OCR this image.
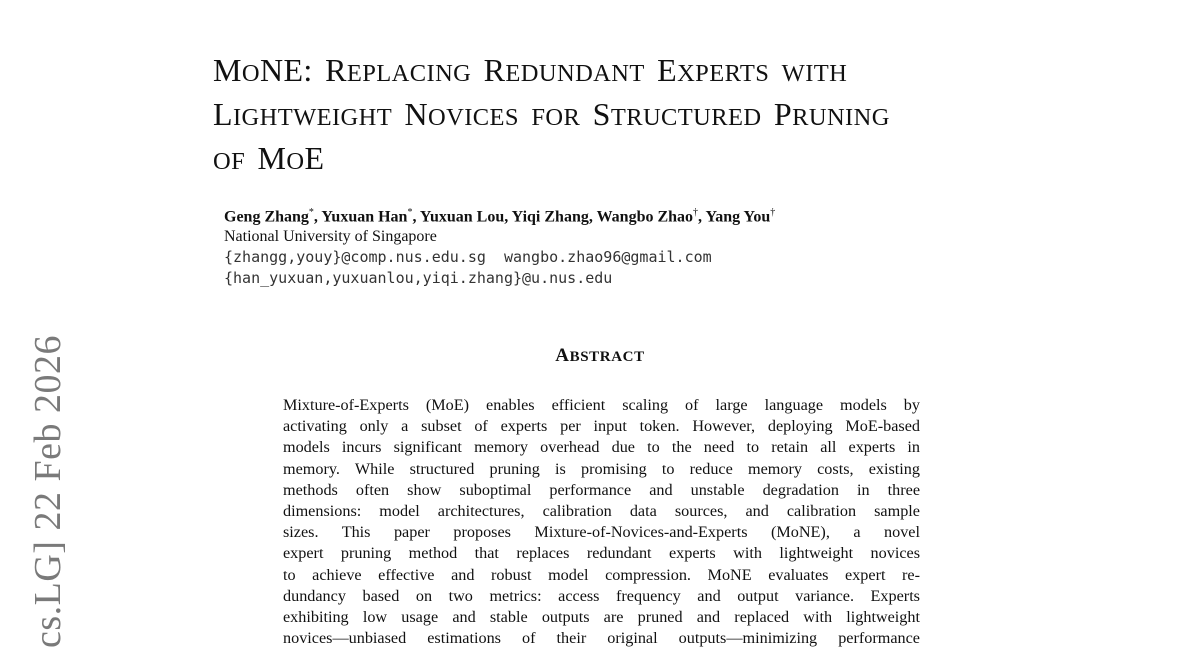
cs.LG] 22 Feb 2026
MONE: REPLACING REDUNDANT EXPERTS WITH
LIGHTWEIGHT NOVICES FOR STRUCTURED PRUNING
OF MOE
Geng Zhang*, Yuxuan Han*, Yuxuan Lou, Yiqi Zhang, Wangbo Zhao†, Yang You†
National University of Singapore
{zhangg,youy}@comp.nus.edu.sg  wangbo.zhao96@gmail.com
{han_yuxuan,yuxuanlou,yiqi.zhang}@u.nus.edu
ABSTRACT
Mixture-of-Experts (MoE) enables efficient scaling of large language models by
activating only a subset of experts per input token. However, deploying MoE-based
models incurs significant memory overhead due to the need to retain all experts in
memory. While structured pruning is promising to reduce memory costs, existing
methods often show suboptimal performance and unstable degradation in three
dimensions: model architectures, calibration data sources, and calibration sample
sizes. This paper proposes Mixture-of-Novices-and-Experts (MoNE), a novel
expert pruning method that replaces redundant experts with lightweight novices
to achieve effective and robust model compression. MoNE evaluates expert re-
dundancy based on two metrics: access frequency and output variance. Experts
exhibiting low usage and stable outputs are pruned and replaced with lightweight
novices—unbiased estimations of their original outputs—minimizing performance
